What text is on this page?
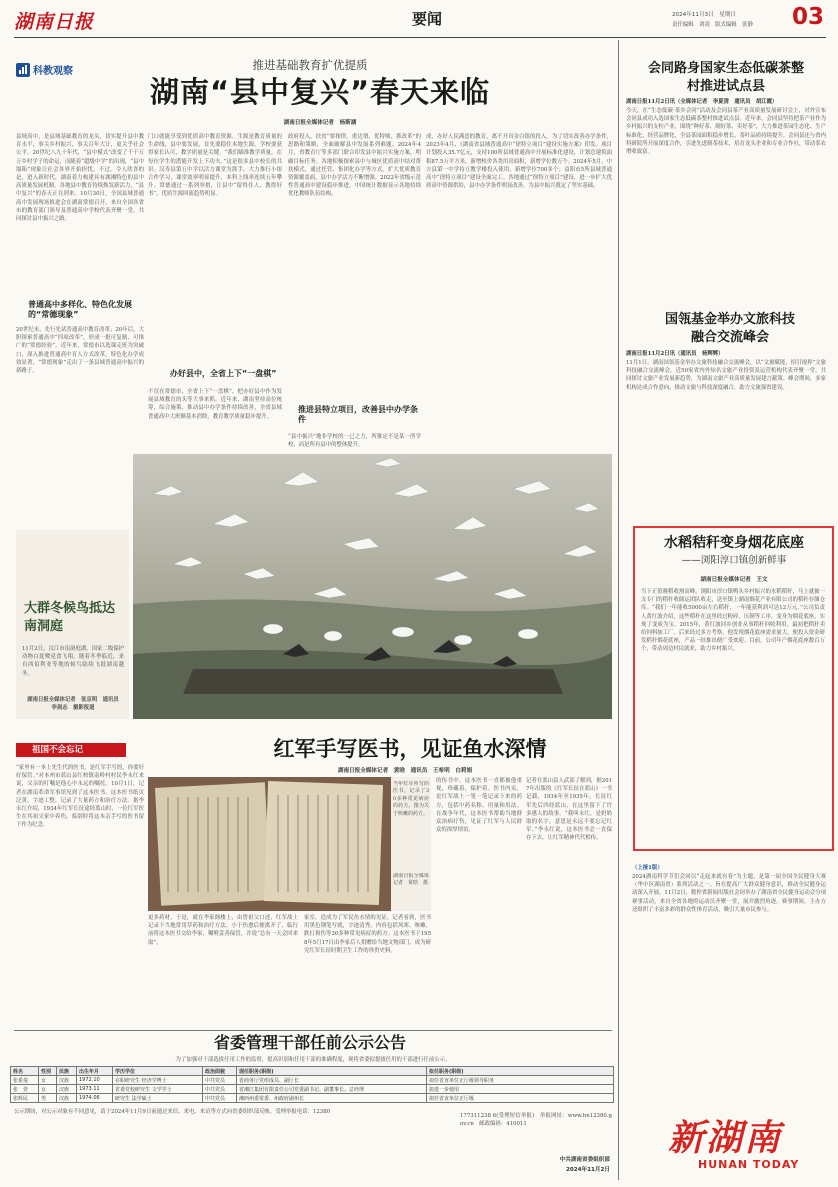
湖南日报	要闻	2024年11月3日　星期日
责任编辑　刘凌　版式编辑　张静 03
科教观察	推进基础教育扩优提质
湖南“县中复兴”春天来临
湖南日报全媒体记者　杨斯涵
县域高中，是县域基础教育的龙头，切实提升县中教育水平，事关乡村振兴，事关百年大计，更关乎社会公平。20世纪八九十年代，“县中模式”改变了千千万万乡村学子的命运，而随着“超级中学”的出现，“县中塌陷”现象让社会各界开始担忧。不过，令人欣喜的是，进入新时代，湖南着力构建具有湖湘特色的县中高质量发展机制，各地县中教育持续焕发新活力，“县中复兴”的春天正在到来。10月30日，全国县域普通高中发展现场推进会在湖南常德召开，来自全国各省市的教育部门领导及普通高中学校代表齐聚一堂，共同探讨县中振兴之路。
普通高中多样化、特色化发展的“常德现象”
20世纪末，先行先试普通高中教育改革；20年后，大胆探索普通高中“四项改革”，形成一批可复制、可推广的“常德经验”。近年来，常德市以选课走班为突破口，深入推进普通高中育人方式改革，特色化办学成效显著，“常德现象”走出了一条县域普通高中振兴的新路子。
门口就能享受到优质高中教育资源。生源是教育质量的生命线，县中要发展，首先要稳住本地生源。学校要获得家长认可，教学质量是关键。“我们瞄准教学质量，在每位学生的潜能开发上下功夫。”这是很多县中校长的共识。汉寿县第五中学以活力课堂为抓手，大力推行小组合作学习，课堂效率明显提升，本科上线率连续五年攀升。常德通过一系列举措，让县中“留得住人、教得好书”，优质生源回流趋势明显。
办好县中，全省上下“一盘棋”
不仅在常德市，全省上下“一盘棋”，把办好县中作为发展县域教育的头等大事来抓。近年来，湖南坚持高位统筹，综合施策，推动县中办学条件持续改善，全省县域普通高中大班额基本消除，教育教学质量稳步提升。
政府投入，扶贫“要探律，重边谓，优特师，抓改革”的思路和策略，全面破解县中发展系列难题。2024年4月，省教育厅等多部门联合印发县中振兴实施方案，明确目标任务。各地积极探索县中与城区优质高中结对帮扶模式，通过托管、集团化办学等方式，扩大优质教育资源覆盖面，县中办学活力不断增强。2022年省级示范性普通高中建设稳步推进，中国统计数据显示各地持续优化教师队伍结构。
推进县特立项目，改善县中办学条件
“县中振兴”地非学校的一已之力，所推定不是某一所学校，而是所有县中的整体提升。
成，办好人民满意的教育，离不开真金白银的投入。为了切实改善办学条件，2023年4月，《湖南省县域普通高中“徐特立项目”建设实施方案》印发。项目计划投入35.7亿元，支持100所县域普通高中开展标准化建设，计划总建筑面积87.5万平方米，新增校舍各类用房面积，新增学位数万个。2024年5月，中方县第一中学持立教学楼投入使用，新增学位700多个；益阳市5所县域普通高中“徐特立项目”建设全面完工。各地通过“徐特立项目”建设，进一步扩大优质高中资源供给，县中办学条件明显改善，为县中振兴奠定了坚实基础。
大群冬候鸟抵达南洞庭
11月2日，汉江市南洞庭湖，国家二级保护动物白琵鹭觅食飞翔。随着冬季临近，来自西伯利亚等地的候鸟陆续飞抵湖南越冬。
湖南日报全媒体记者　张京明　通讯员　李剑志　摄影报道
祖国不会忘记	红军手写医书，见证鱼水深情
湖南日报全媒体记者　黄晗　通讯员　王希明　白莉娟
“家里有一本上先生代的医书，是红军手写的，你要好好保管。”对本州市蓝山县红校镇南岭村村民李永红来说，父亲的叮嘱是他心中永远的嘱托。10月1日，记者在湖南革命军事馆见到了这本医书。这本医书纸页泛黄，字迹工整，记录了大量药方和治疗方法。据李永红介绍，1934年红军长征途经蓝山时，一位红军医生在其祖父家中养伤，临别时将这本亲手写的医书留下作为纪念。
当年红军所写的医书，记录了30多种常见病症的药方。图为关于咳嗽的药方。
湖南日报全媒体记者　黄晗　摄
的传书中，这本医书一直都被他重视，珍藏着，保护着。医书内页，是红军战士一笔一笔记录下来的药方，包括中药名称、用量和用法。在战争年代，这本医书帮助当地群众治病疗伤，见证了红军与人民群众的深厚情谊。
更多药材，于是，就在李家阁楼上，由曾祖父口述，红军战士记录下当地常用草药和治疗方法。小于伤愈后便离开了，临行前将这本医书交给李家，嘱咐妥善保管，并说“总有一天会回来取”。
家室，造成为了军民鱼水情的见证。记者看到，医书用黑色钢笔写就，字迹清秀，内容包括风寒、咳嗽、跌打损伤等30多种常见病症的药方。这本医书于1958年5月17日由李家后人捐赠给当地文物部门，成为研究红军长征时期卫生工作的珍贵史料。
记者在蓝山县人武部了解到，据2017年出版的《红军长征在蓝山》一书记载，1934年至1935年，长征红军先后四经蓝山，在这里留下了许多感人的故事。“我叫永红，是奶奶取的名字，意思是永远不要忘记红军。”李永红说，这本医书会一直保存下去，让红军精神代代相传。
省委管理干部任前公示公告
为了加强对干部选拔任用工作的监督，提高识别和任用干部的准确程度，现将省委拟提拔任用的干部进行任前公示。
姓名	性别	民族	出生年月	学历学位	政治面貌	现任职务(职级)	拟任职务(职级)
张希曼	女	汉族	1972.10	在职研究生 经济学博士	中共党员	省商务厅党组成员、副厅长	拟任省直单位正厅级领导职务
张　萱	女	汉族	1973.11	省委党校研究生 文学学士	中共党员	省湘江集团有限责任公司党委副书记、副董事长、总经理	拟进一步使用
张辉民	男	汉族	1974.06	研究生 法学硕士	中共党员	湘西州委常委、州政府副州长	拟任省直单位正厅级
公示期间，对公示对象有不同意见，请于2024年11月9日前通过来信、来电、来访等方式向省委组织部反映。受理举报电话：12380
177311238 6(受理短信举报)　举报网址：www.hn12380.gov.cn　邮政编码：410011
中共湖南省委组织部
2024年11月2日
会同路身国家生态低碳茶整村推进试点县
湖南日报11月2日讯（全媒体记者　李夏清　通讯员　胡江霞）
今天，在“生态低碳·茶乡会同”活动及会同县茶产业高质量发展研讨会上，对外宣布会同县成功入选国家生态低碳茶整村推进试点县。近年来，会同县坚持把茶产业作为乡村振兴的支柱产业，围绕“种好茶、制好茶、卖好茶”，大力推进茶园生态化、生产标准化、经营品牌化，全县茶园面积稳步增长，茶叶品质持续提升。会同县还与省内科研院所开展深度合作，引进先进制茶技术，培育龙头企业和专业合作社，带动茶农增收致富。
国瓴基金举办文旅科技融合交流峰会
湖南日报11月2日讯（通讯员　杨辉辉）
11月1日，湖南国瓴基金举办文旅科技融合交流峰会，以“文旅赋能，招引视界”文旅科技融合交流峰会。近50家省内外知名文旅产业投资及运营机构代表齐聚一堂，共同探讨文旅产业发展新趋势，为湖南文旅产业高质量发展建言献策。峰会期间，多家机构达成合作意向，推动文旅与科技深度融合，助力文旅强省建设。
水稻秸秆变身烟花底座
——浏阳淳口镇创新鲜事
湖南日报全媒体记者　王文
当下正值晚稻收割高峰，浏阳市淳口镇鸭头乡村振兴的水稻稻杆，马上就被一支专门的稻秆收储运团队收走，送至镇上湖南烟花产业有限公司的稻秆存储仓库。“我们一年能收5000亩左右稻秆，一年能获利润可达12万元。”公司负责人黄红波介绍，这些稻秆在这里经过粉碎、压制等工序，变身为烟花底座，实现了变废为宝。2015年，黄红波回乡创业从事稻秆回收利用，最初把稻秆卖给饲料加工厂。后来经过多方考察，他发现烟花底座需求量大，便投入资金研发稻秆烟花底座，产品一经推出便广受欢迎。目前，公司年产烟花底座数百万个，带动周边村民就业，助力乡村振兴。
（上接1版）
2024湖南科学节们会同以“走起来就有春”为主题，是第一届全国全民健身大赛（华中区湖南省）系列活动之一。旨在提高广大群众健身意识，推动全民健身运动深入开展。11月2日，数控省新闻出版社会同举办了湖南省全民健身运动会分项赛事活动，来自全省各地的运动员齐聚一堂，展开激烈角逐。赛事期间，主办方还组织了丰富多彩的群众性体育活动，吸引大量市民参与。
新湖南
HUNAN TODAY
